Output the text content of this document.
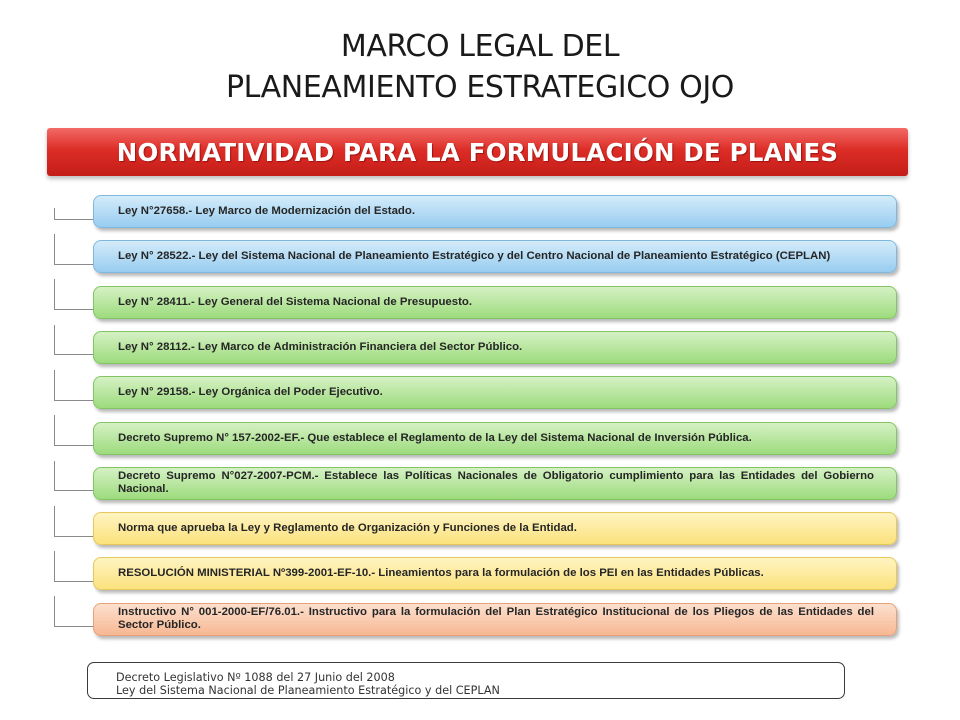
MARCO LEGAL DEL
PLANEAMIENTO ESTRATEGICO OJO
NORMATIVIDAD PARA LA FORMULACIÓN DE PLANES
Ley N°27658.- Ley Marco de Modernización del Estado.
Ley N° 28522.- Ley del Sistema Nacional de Planeamiento Estratégico y del Centro Nacional de Planeamiento Estratégico (CEPLAN)
Ley N° 28411.- Ley General del Sistema Nacional de Presupuesto.
Ley N° 28112.- Ley Marco de Administración Financiera del Sector Público.
Ley N° 29158.- Ley Orgánica del Poder Ejecutivo.
Decreto Supremo N° 157-2002-EF.- Que establece el Reglamento de la Ley del Sistema Nacional de Inversión Pública.
Decreto Supremo N°027-2007-PCM.- Establece las Políticas Nacionales de Obligatorio cumplimiento para las Entidades del Gobierno Nacional.
Norma que aprueba la Ley y Reglamento de Organización y Funciones de la Entidad.
RESOLUCIÓN MINISTERIAL Nº399-2001-EF-10.- Lineamientos para la formulación de los PEI en las Entidades Públicas.
Instructivo N° 001-2000-EF/76.01.- Instructivo para la formulación del Plan Estratégico Institucional de los Pliegos de las Entidades del Sector Público.
Decreto Legislativo Nº 1088 del 27 Junio del 2008
Ley del Sistema Nacional de Planeamiento Estratégico y del CEPLAN
